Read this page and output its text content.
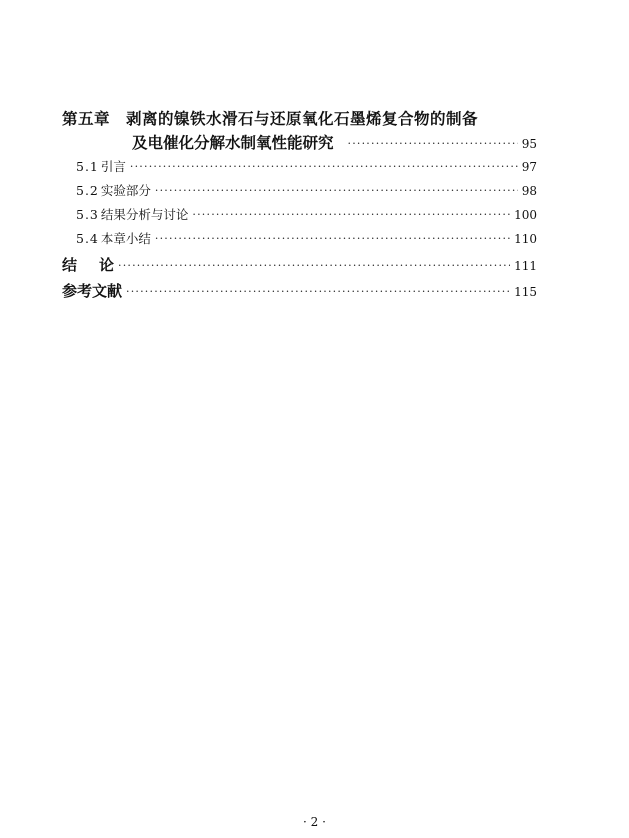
第五章 剥离的镍铁水滑石与还原氧化石墨烯复合物的制备
及电催化分解水制氧性能研究 ·····	95
5.1 引言 ·····	97
5.2 实验部分 ·····	98
5.3 结果分析与讨论 ·····	100
5.4 本章小结 ·····	110
结论 ·····	111
参考文献 ·····	115
· 2 ·
